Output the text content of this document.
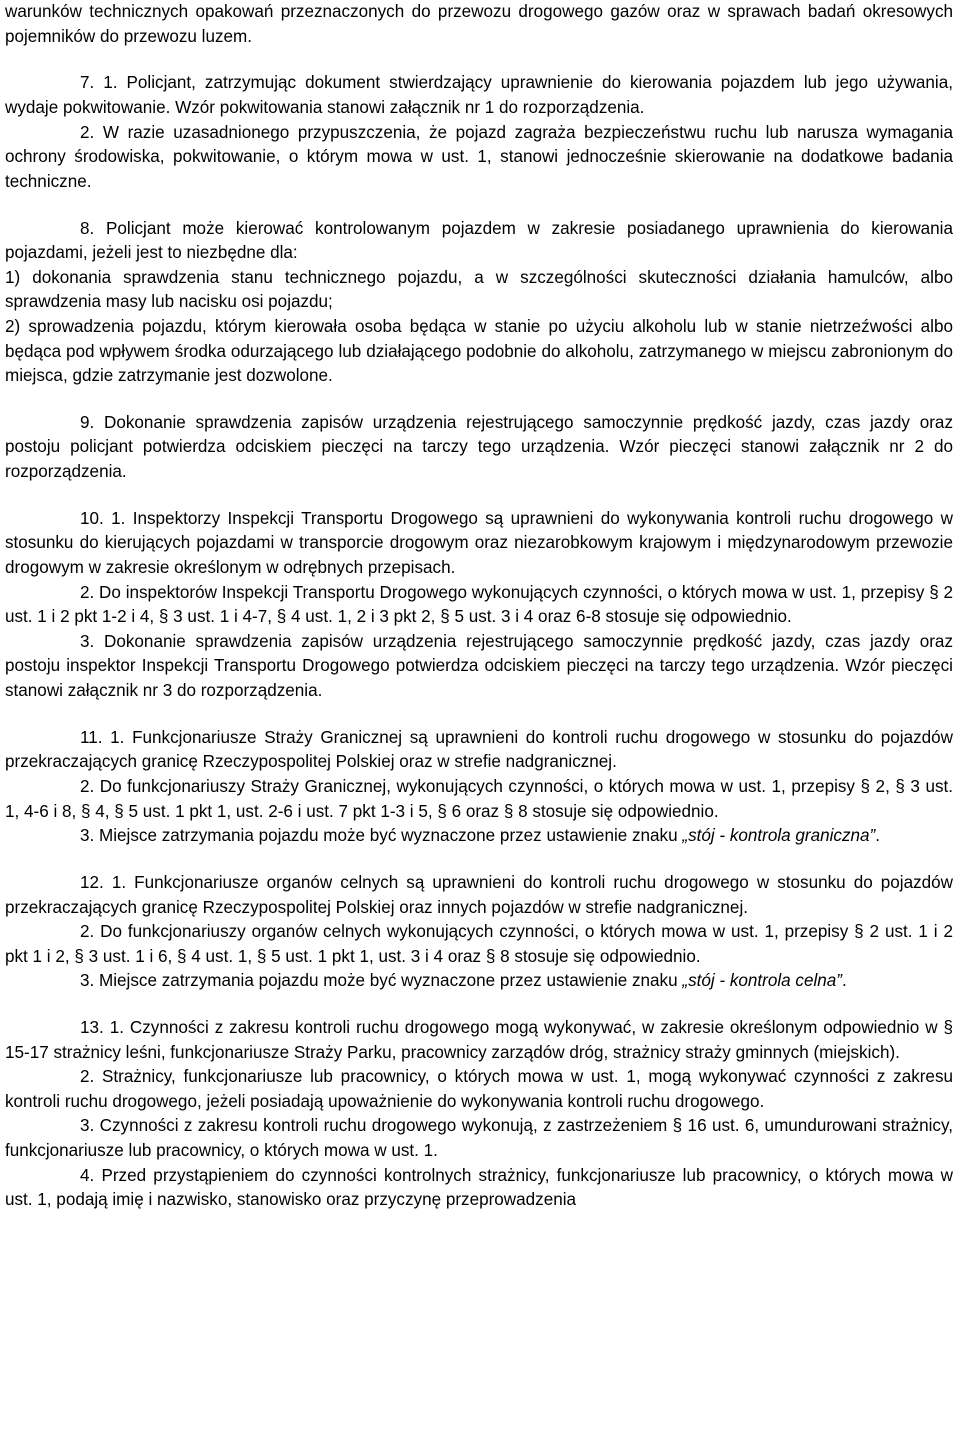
warunków technicznych opakowań przeznaczonych do przewozu drogowego gazów oraz w sprawach badań okresowych pojemników do przewozu luzem.

7. 1. Policjant, zatrzymując dokument stwierdzający uprawnienie do kierowania pojazdem lub jego używania, wydaje pokwitowanie. Wzór pokwitowania stanowi załącznik nr 1 do rozporządzenia.

2. W razie uzasadnionego przypuszczenia, że pojazd zagraża bezpieczeństwu ruchu lub narusza wymagania ochrony środowiska, pokwitowanie, o którym mowa w ust. 1, stanowi jednocześnie skierowanie na dodatkowe badania techniczne.

8. Policjant może kierować kontrolowanym pojazdem w zakresie posiadanego uprawnienia do kierowania pojazdami, jeżeli jest to niezbędne dla:

1) dokonania sprawdzenia stanu technicznego pojazdu, a w szczególności skuteczności działania hamulców, albo sprawdzenia masy lub nacisku osi pojazdu;

2) sprowadzenia pojazdu, którym kierowała osoba będąca w stanie po użyciu alkoholu lub w stanie nietrzeźwości albo będąca pod wpływem środka odurzającego lub działającego podobnie do alkoholu, zatrzymanego w miejscu zabronionym do miejsca, gdzie zatrzymanie jest dozwolone.

9. Dokonanie sprawdzenia zapisów urządzenia rejestrującego samoczynnie prędkość jazdy, czas jazdy oraz postoju policjant potwierdza odciskiem pieczęci na tarczy tego urządzenia. Wzór pieczęci stanowi załącznik nr 2 do rozporządzenia.

10. 1. Inspektorzy Inspekcji Transportu Drogowego są uprawnieni do wykonywania kontroli ruchu drogowego w stosunku do kierujących pojazdami w transporcie drogowym oraz niezarobkowym krajowym i międzynarodowym przewozie drogowym w zakresie określonym w odrębnych przepisach.

2. Do inspektorów Inspekcji Transportu Drogowego wykonujących czynności, o których mowa w ust. 1, przepisy § 2 ust. 1 i 2 pkt 1-2 i 4, § 3 ust. 1 i 4-7, § 4 ust. 1, 2 i 3 pkt 2, § 5 ust. 3 i 4 oraz 6-8 stosuje się odpowiednio.

3. Dokonanie sprawdzenia zapisów urządzenia rejestrującego samoczynnie prędkość jazdy, czas jazdy oraz postoju inspektor Inspekcji Transportu Drogowego potwierdza odciskiem pieczęci na tarczy tego urządzenia. Wzór pieczęci stanowi załącznik nr 3 do rozporządzenia.

11. 1. Funkcjonariusze Straży Granicznej są uprawnieni do kontroli ruchu drogowego w stosunku do pojazdów przekraczających granicę Rzeczypospolitej Polskiej oraz w strefie nadgranicznej.

2. Do funkcjonariuszy Straży Granicznej, wykonujących czynności, o których mowa w ust. 1, przepisy § 2, § 3 ust. 1, 4-6 i 8, § 4, § 5 ust. 1 pkt 1, ust. 2-6 i ust. 7 pkt 1-3 i 5, § 6 oraz § 8 stosuje się odpowiednio.

3. Miejsce zatrzymania pojazdu może być wyznaczone przez ustawienie znaku „stój - kontrola graniczna”.

12. 1. Funkcjonariusze organów celnych są uprawnieni do kontroli ruchu drogowego w stosunku do pojazdów przekraczających granicę Rzeczypospolitej Polskiej oraz innych pojazdów w strefie nadgranicznej.

2. Do funkcjonariuszy organów celnych wykonujących czynności, o których mowa w ust. 1, przepisy § 2 ust. 1 i 2 pkt 1 i 2, § 3 ust. 1 i 6, § 4 ust. 1, § 5 ust. 1 pkt 1, ust. 3 i 4 oraz § 8 stosuje się odpowiednio.

3. Miejsce zatrzymania pojazdu może być wyznaczone przez ustawienie znaku „stój - kontrola celna”.

13. 1. Czynności z zakresu kontroli ruchu drogowego mogą wykonywać, w zakresie określonym odpowiednio w § 15-17 strażnicy leśni, funkcjonariusze Straży Parku, pracownicy zarządów dróg, strażnicy straży gminnych (miejskich).

2. Strażnicy, funkcjonariusze lub pracownicy, o których mowa w ust. 1, mogą wykonywać czynności z zakresu kontroli ruchu drogowego, jeżeli posiadają upoważnienie do wykonywania kontroli ruchu drogowego.

3. Czynności z zakresu kontroli ruchu drogowego wykonują, z zastrzeżeniem § 16 ust. 6, umundurowani strażnicy, funkcjonariusze lub pracownicy, o których mowa w ust. 1.

4. Przed przystąpieniem do czynności kontrolnych strażnicy, funkcjonariusze lub pracownicy, o których mowa w ust. 1, podają imię i nazwisko, stanowisko oraz przyczynę przeprowadzenia
